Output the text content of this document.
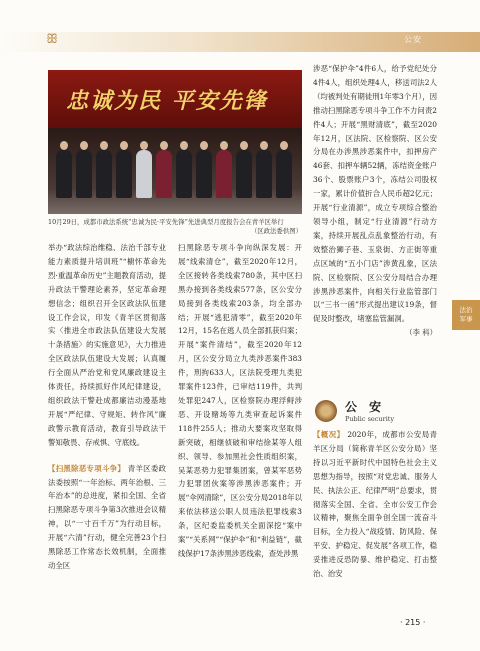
ꕥ	公安
法治
军事
忠诚为民 平安先锋
10月29日，成都市政法系统“忠诚为民·平安先锋”先进典型月度报告会在青羊区举行
（区政法委供图）

举办“政法综治维稳、法治千部专业能力素质提升培训班”“櫥怀革命先烈·重温革命历史”主题教育活动，提升政法干警理论素养，坚定革命理想信念；组织召开全区政法队伍建设工作会议，印发《青羊区贯彻落实〈推进全市政法队伍建设大发展十条措施〉的实施意见》，大力推进全区政法队伍建设大发展；认真履行全面从严治党和党风廉政建设主体责任，持续抓好作风纪律建设，组织政法干警赴成都廉洁动漫基地开展“严纪律、守规矩、转作风”廉政警示教育活动，教育引导政法干警知敬畏、存戒惧、守底线。

【扫黑除恶专项斗争】 青羊区委政法委按照“一年治标、两年治根、三年治本”的总进度，紧扣全国、全省扫黑除恶专项斗争第3次推进会议精神，以“一寸百千万”为行动目标，开展“六清”行动，健全完善23个扫黑除恶工作常态长效机制，全面推动全区

扫黑除恶专项斗争向纵深发展：开展“线索清仓”，截至2020年12月，全区接转各类线索780条，其中区扫黑办接到各类线索577条，区公安分局接到各类线索203条，均全部办结；开展“逃犯清零”，截至2020年12月，15名在逃人员全部抓获归案；开展“案件清结”，截至2020年12月，区公安分局立九类涉恶案件383件，刑拘633人，区法院受理九类犯罪案件123件，已审结119件，共判处罪犯247人，区检察院办理浮鲟涉恶、开设赌场等九类审查起诉案件118件255人；推动大要案攻坚取得新突破，相继侦破和审结徐某等人组织、领导、参加黑社会性质组织案，吴某恶势力犯罪集团案，曾某军恶势力犯罪团伙案等涉黑涉恶案件；开展“伞网清除”，区公安分局2018年以来依法移送公职人员违法犯罪线索3条，区纪委监委机关全面深挖“案中案”“关系网”“保护伞”和“利益链”，截线保护17条涉黑涉恶线索，查处涉黑

涉恶“保护伞”4件6人，给予党纪处分4件4人，组织处理4人，移送司法2人（均被判处有期徒刑1年零3个月），因推动扫黑除恶专项斗争工作不力问责2件4人；开展“黑财清底”，截至2020年12月，区法院、区检察院、区公安分局在办涉黑涉恶案件中，扣押房产46套、扣押车辆52辆，冻结资金账户36个、股票账户3个，冻结公司股权一家，累计价值折合人民币超2亿元；开展“行业清源”，成立专项综合整治领导小组，制定“行业清源”行动方案，持续开展乱点乱象整治行动，有效整治狮子巷、玉泉街、方正街等重点区域的“五小门店”涉黄乱象，区法院、区检察院、区公安分局结合办理涉黑涉恶案件，向相关行业监管部门以“三书一函”形式提出建议19条，督促及时整改，堵塞监管漏洞。

（李 科）
公 安
Public security

【概况】 2020年，成都市公安局青羊区分局（简称青羊区公安分局）坚持以习近平新时代中国特色社会主义思想为指导，按照“对党忠诚、服务人民、执法公正、纪律严明”总要求，贯彻落实全国、全省、全市公安工作会议精神，聚焦全面争创全国一流奋斗目标，全力投入“战疫情、防风险、保平安、护稳定、促发展”各项工作，稳妥推进反恐防暴、维护稳定、打击整治、治安

· 215 ·
